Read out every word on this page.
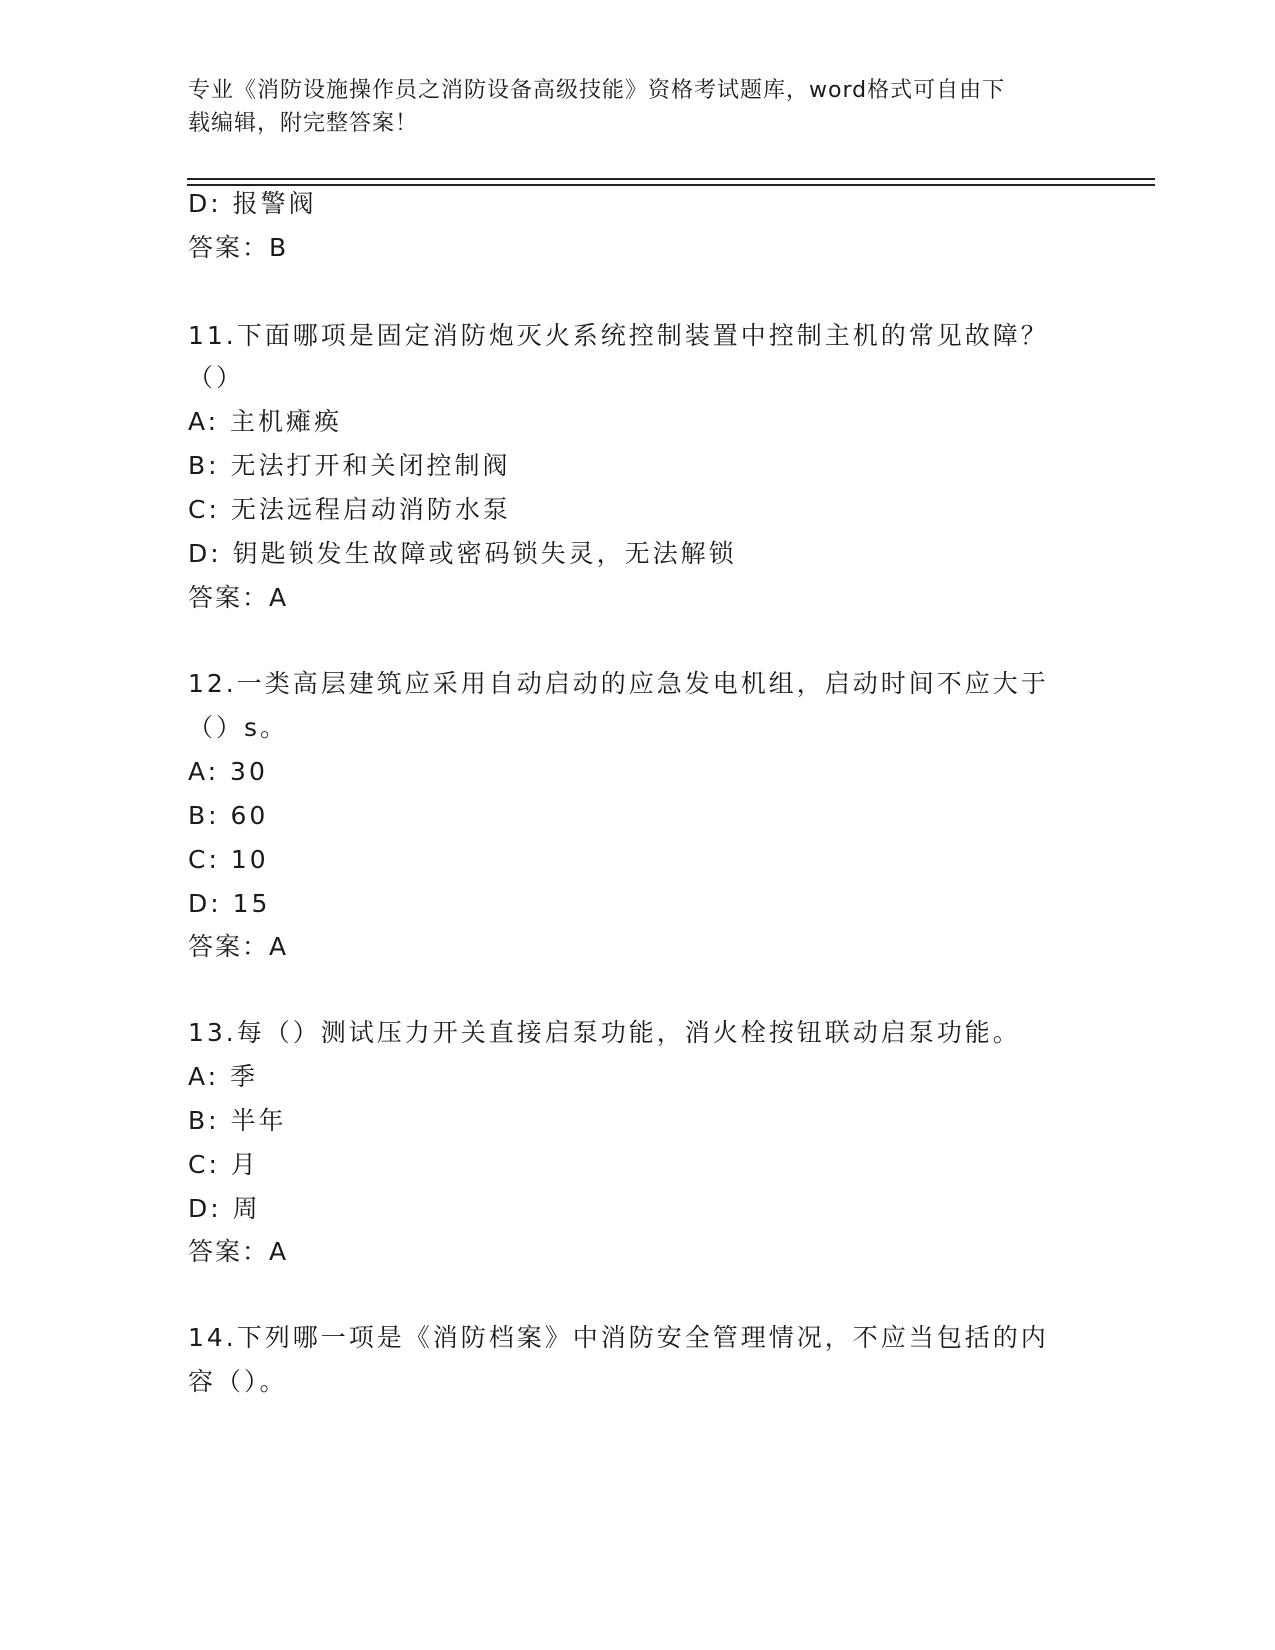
专业《消防设施操作员之消防设备高级技能》资格考试题库，word格式可自由下
载编辑，附完整答案！
D: 报警阀
答案：B
11.下面哪项是固定消防炮灭火系统控制装置中控制主机的常见故障？
（）
A: 主机瘫痪
B: 无法打开和关闭控制阀
C: 无法远程启动消防水泵
D: 钥匙锁发生故障或密码锁失灵，无法解锁
答案：A
12.一类高层建筑应采用自动启动的应急发电机组，启动时间不应大于
（）s。
A: 30
B: 60
C: 10
D: 15
答案：A
13.每（）测试压力开关直接启泵功能，消火栓按钮联动启泵功能。
A: 季
B: 半年
C: 月
D: 周
答案：A
14.下列哪一项是《消防档案》中消防安全管理情况，不应当包括的内
容（）。
